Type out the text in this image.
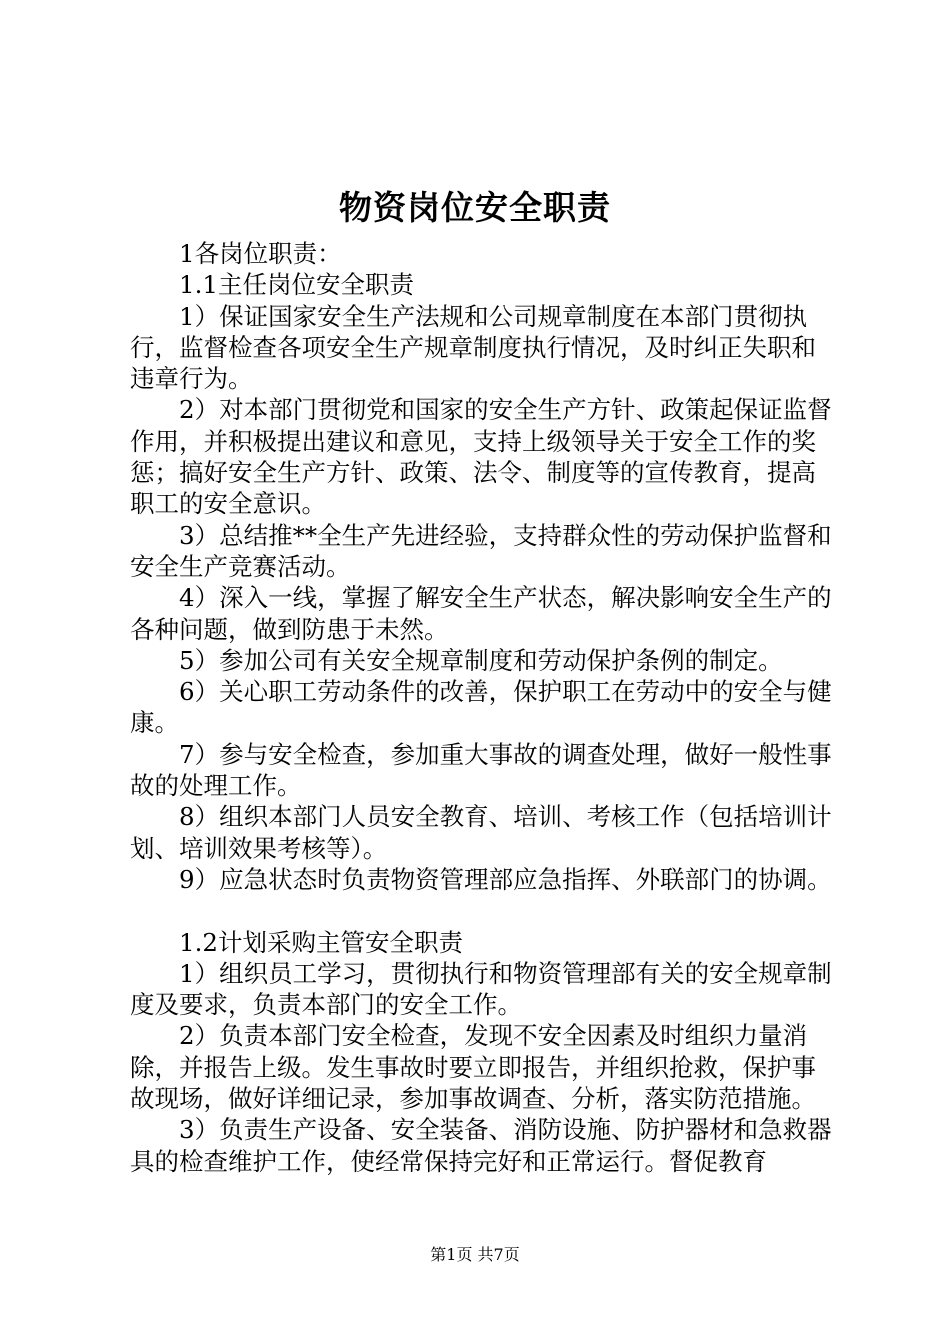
物资岗位安全职责

1各岗位职责：

1.1主任岗位安全职责

1）保证国家安全生产法规和公司规章制度在本部门贯彻执行，监督检查各项安全生产规章制度执行情况，及时纠正失职和违章行为。

2）对本部门贯彻党和国家的安全生产方针、政策起保证监督作用，并积极提出建议和意见，支持上级领导关于安全工作的奖惩；搞好安全生产方针、政策、法令、制度等的宣传教育，提高职工的安全意识。

3）总结推**全生产先进经验，支持群众性的劳动保护监督和安全生产竞赛活动。

4）深入一线，掌握了解安全生产状态，解决影响安全生产的各种问题，做到防患于未然。

5）参加公司有关安全规章制度和劳动保护条例的制定。

6）关心职工劳动条件的改善，保护职工在劳动中的安全与健康。

7）参与安全检查，参加重大事故的调查处理，做好一般性事故的处理工作。

8）组织本部门人员安全教育、培训、考核工作（包括培训计划、培训效果考核等）。

9）应急状态时负责物资管理部应急指挥、外联部门的协调。

1.2计划采购主管安全职责

1）组织员工学习，贯彻执行和物资管理部有关的安全规章制度及要求，负责本部门的安全工作。

2）负责本部门安全检查，发现不安全因素及时组织力量消除，并报告上级。发生事故时要立即报告，并组织抢救，保护事故现场，做好详细记录，参加事故调查、分析，落实防范措施。

3）负责生产设备、安全装备、消防设施、防护器材和急救器具的检查维护工作，使经常保持完好和正常运行。督促教育

第1页 共7页
